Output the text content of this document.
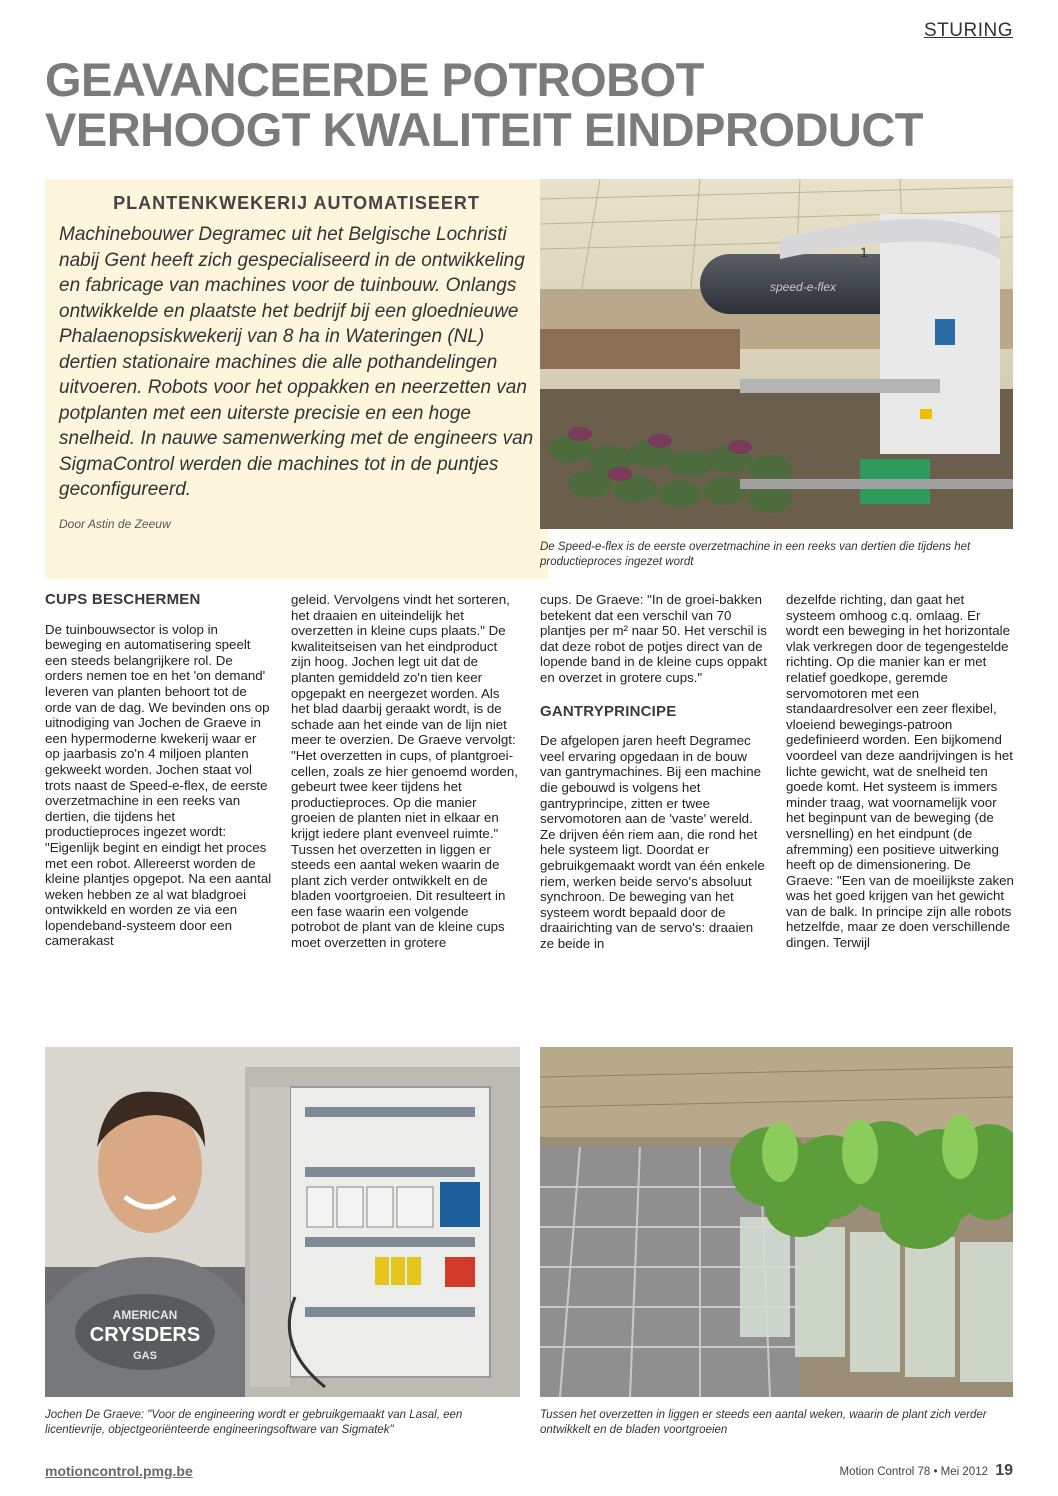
STURING
GEAVANCEERDE POTROBOT
VERHOOGT KWALITEIT EINDPRODUCT
PLANTENKWEKERIJ AUTOMATISEERT

Machinebouwer Degramec uit het Belgische Lochristi nabij Gent heeft zich gespecialiseerd in de ontwikkeling en fabricage van machines voor de tuinbouw. Onlangs ontwikkelde en plaatste het bedrijf bij een gloednieuwe Phalaenopsiskwekerij van 8 ha in Wateringen (NL) dertien stationaire machines die alle pothandelingen uitvoeren. Robots voor het oppakken en neerzetten van potplanten met een uiterste precisie en een hoge snelheid. In nauwe samenwerking met de engineers van SigmaControl werden die machines tot in de puntjes geconfigureerd.

Door Astin de Zeeuw
1
speed-e-flex
De Speed-e-flex is de eerste overzetmachine in een reeks van dertien die tijdens het productieproces ingezet wordt
CUPS BESCHERMEN

De tuinbouwsector is volop in beweging en automatisering speelt een steeds belangrijkere rol. De orders nemen toe en het 'on demand' leveren van planten behoort tot de orde van de dag. We bevinden ons op uitnodiging van Jochen de Graeve in een hypermoderne kwekerij waar er op jaarbasis zo'n 4 miljoen planten gekweekt worden. Jochen staat vol trots naast de Speed-e-flex, de eerste overzetmachine in een reeks van dertien, die tijdens het productieproces ingezet wordt: "Eigenlijk begint en eindigt het proces met een robot. Allereerst worden de kleine plantjes opgepot. Na een aantal weken hebben ze al wat bladgroei ontwikkeld en worden ze via een lopendeband-systeem door een camerakast

geleid. Vervolgens vindt het sorteren, het draaien en uiteindelijk het overzetten in kleine cups plaats." De kwaliteitseisen van het eindproduct zijn hoog. Jochen legt uit dat de planten gemiddeld zo'n tien keer opgepakt en neergezet worden. Als het blad daarbij geraakt wordt, is de schade aan het einde van de lijn niet meer te overzien. De Graeve vervolgt: "Het overzetten in cups, of plantgroei-cellen, zoals ze hier genoemd worden, gebeurt twee keer tijdens het productieproces. Op die manier groeien de planten niet in elkaar en krijgt iedere plant evenveel ruimte." Tussen het overzetten in liggen er steeds een aantal weken waarin de plant zich verder ontwikkelt en de bladen voortgroeien. Dit resulteert in een fase waarin een volgende potrobot de plant van de kleine cups moet overzetten in grotere

cups. De Graeve: "In de groei-bakken betekent dat een verschil van 70 plantjes per m² naar 50. Het verschil is dat deze robot de potjes direct van de lopende band in de kleine cups oppakt en overzet in grotere cups."

GANTRYPRINCIPE

De afgelopen jaren heeft Degramec veel ervaring opgedaan in de bouw van gantrymachines. Bij een machine die gebouwd is volgens het gantryprincipe, zitten er twee servomotoren aan de 'vaste' wereld. Ze drijven één riem aan, die rond het hele systeem ligt. Doordat er gebruikgemaakt wordt van één enkele riem, werken beide servo's absoluut synchroon. De beweging van het systeem wordt bepaald door de draairichting van de servo's: draaien ze beide in

dezelfde richting, dan gaat het systeem omhoog c.q. omlaag. Er wordt een beweging in het horizontale vlak verkregen door de tegengestelde richting. Op die manier kan er met relatief goedkope, geremde servomotoren met een standaardresolver een zeer flexibel, vloeiend bewegings-patroon gedefinieerd worden. Een bijkomend voordeel van deze aandrijvingen is het lichte gewicht, wat de snelheid ten goede komt. Het systeem is immers minder traag, wat voornamelijk voor het beginpunt van de beweging (de versnelling) en het eindpunt (de afremming) een positieve uitwerking heeft op de dimensionering. De Graeve: "Een van de moeilijkste zaken was het goed krijgen van het gewicht van de balk. In principe zijn alle robots hetzelfde, maar ze doen verschillende dingen. Terwijl

AMERICAN
CRYSDERS
GAS
Jochen De Graeve: "Voor de engineering wordt er gebruikgemaakt van Lasal, een licentievrije, objectgeoriënteerde engineeringsoftware van Sigmatek"
Tussen het overzetten in liggen er steeds een aantal weken, waarin de plant zich verder ontwikkelt en de bladen voortgroeien
motioncontrol.pmg.be	Motion Control 78 • Mei 2012 19
